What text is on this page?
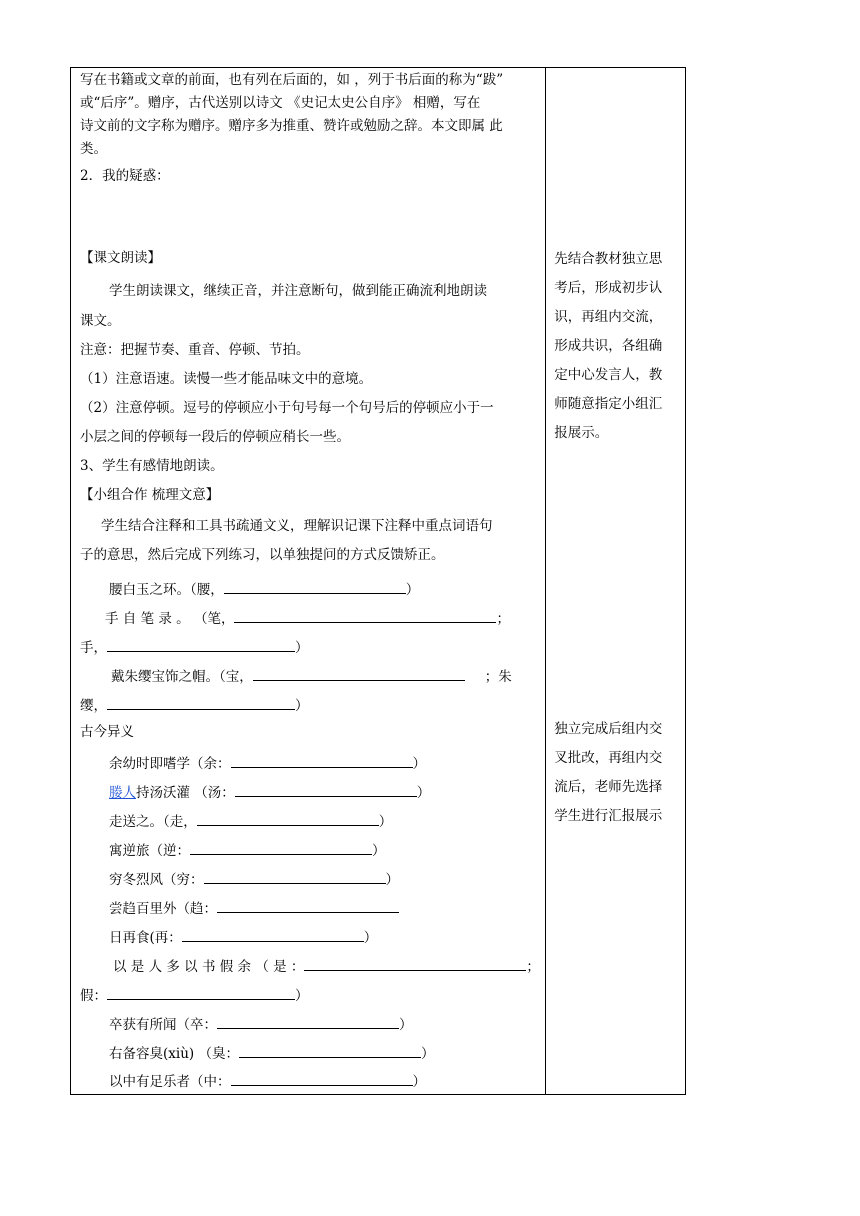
写在书籍或文章的前面，也有列在后面的，如 ，列于书后面的称为“跋”
或“后序”。赠序，古代送别以诗文 《史记太史公自序》 相赠，写在
诗文前的文字称为赠序。赠序多为推重、赞许或勉励之辞。本文即属 此
类。
2．我的疑惑：
【课文朗读】
学生朗读课文，继续正音，并注意断句，做到能正确流利地朗读
课文。
注意：把握节奏、重音、停顿、节拍。
（1）注意语速。读慢一些才能品味文中的意境。
（2）注意停顿。逗号的停顿应小于句号每一个句号后的停顿应小于一
小层之间的停顿每一段后的停顿应稍长一些。
3、学生有感情地朗读。
【小组合作 梳理文意】
学生结合注释和工具书疏通文义，理解识记课下注释中重点词语句
子的意思，然后完成下列练习，以单独提问的方式反馈矫正。
腰白玉之环。（腰，	）
手 自 笔 录 。 （笔，	；
手，	）
戴朱缨宝饰之帽。（宝，	；朱
缨，	）
古今异义
余幼时即嗜学（余：	）
媵人持汤沃灌 （汤：	）
走送之。（走，	）
寓逆旅（逆：	）
穷冬烈风（穷：	）
尝趋百里外（趋：
日再食(再：	）
以 是 人 多 以 书 假 余 （ 是 ：	；
假：	）
卒获有所闻（卒：	）
右备容臭(xiù) （臭：	）
以中有足乐者（中：	）

先结合教材独立思
考后，形成初步认
识，再组内交流，
形成共识，各组确
定中心发言人，教
师随意指定小组汇
报展示。
独立完成后组内交
叉批改，再组内交
流后，老师先选择
学生进行汇报展示
